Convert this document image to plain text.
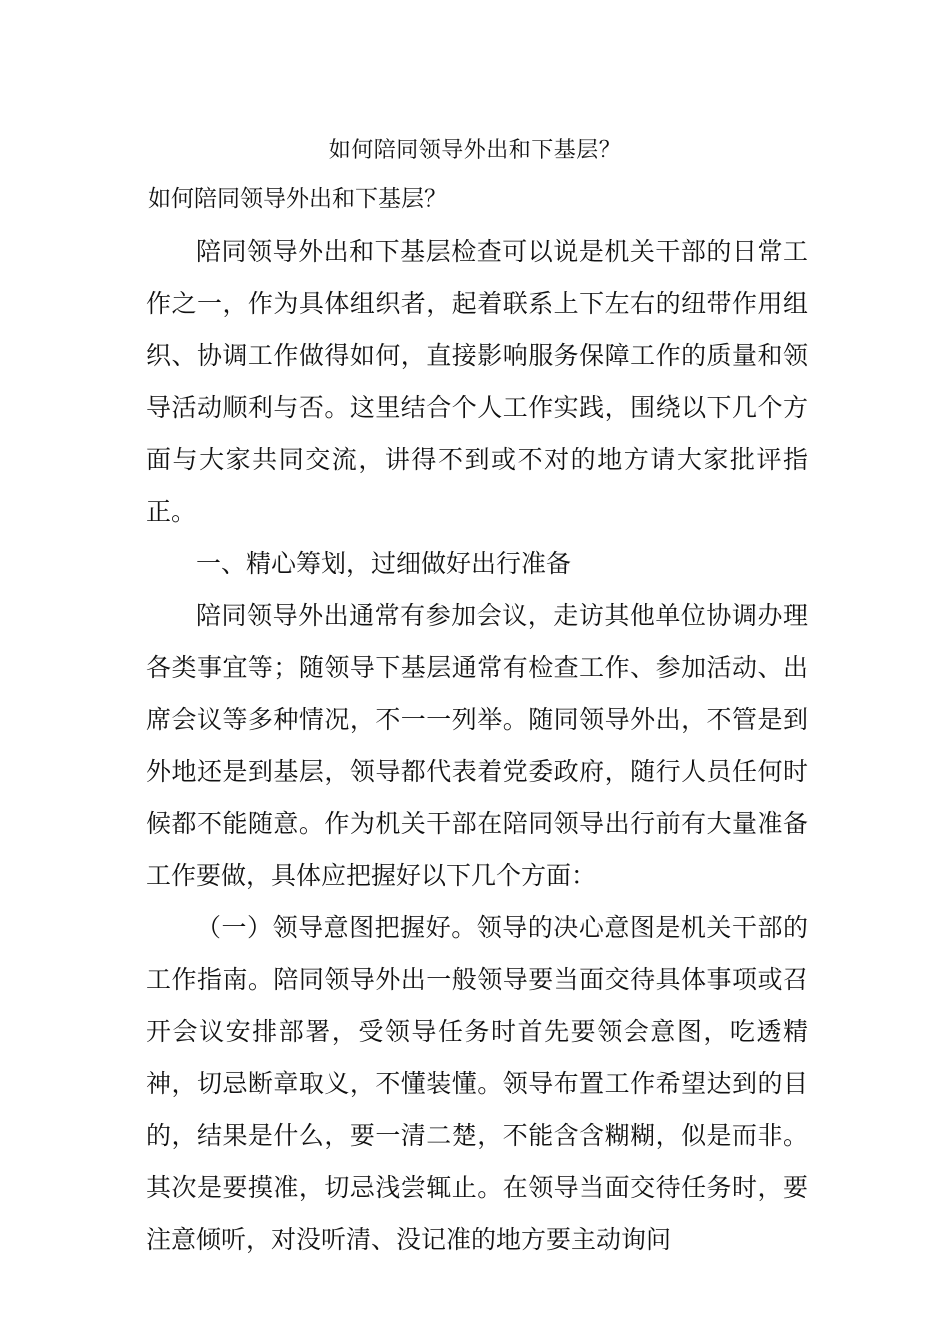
如何陪同领导外出和下基层？
如何陪同领导外出和下基层？

陪同领导外出和下基层检查可以说是机关干部的日常工作之一，作为具体组织者，起着联系上下左右的纽带作用组织、协调工作做得如何，直接影响服务保障工作的质量和领导活动顺利与否。这里结合个人工作实践，围绕以下几个方面与大家共同交流，讲得不到或不对的地方请大家批评指正。

一、精心筹划，过细做好出行准备

陪同领导外出通常有参加会议，走访其他单位协调办理各类事宜等；随领导下基层通常有检查工作、参加活动、出席会议等多种情况，不一一列举。随同领导外出，不管是到外地还是到基层，领导都代表着党委政府，随行人员任何时候都不能随意。作为机关干部在陪同领导出行前有大量准备工作要做，具体应把握好以下几个方面：

（一）领导意图把握好。领导的决心意图是机关干部的工作指南。陪同领导外出一般领导要当面交待具体事项或召开会议安排部署，受领导任务时首先要领会意图，吃透精神，切忌断章取义，不懂装懂。领导布置工作希望达到的目的，结果是什么，要一清二楚，不能含含糊糊，似是而非。其次是要摸准，切忌浅尝辄止。在领导当面交待任务时，要注意倾听，对没听清、没记准的地方要主动询问
